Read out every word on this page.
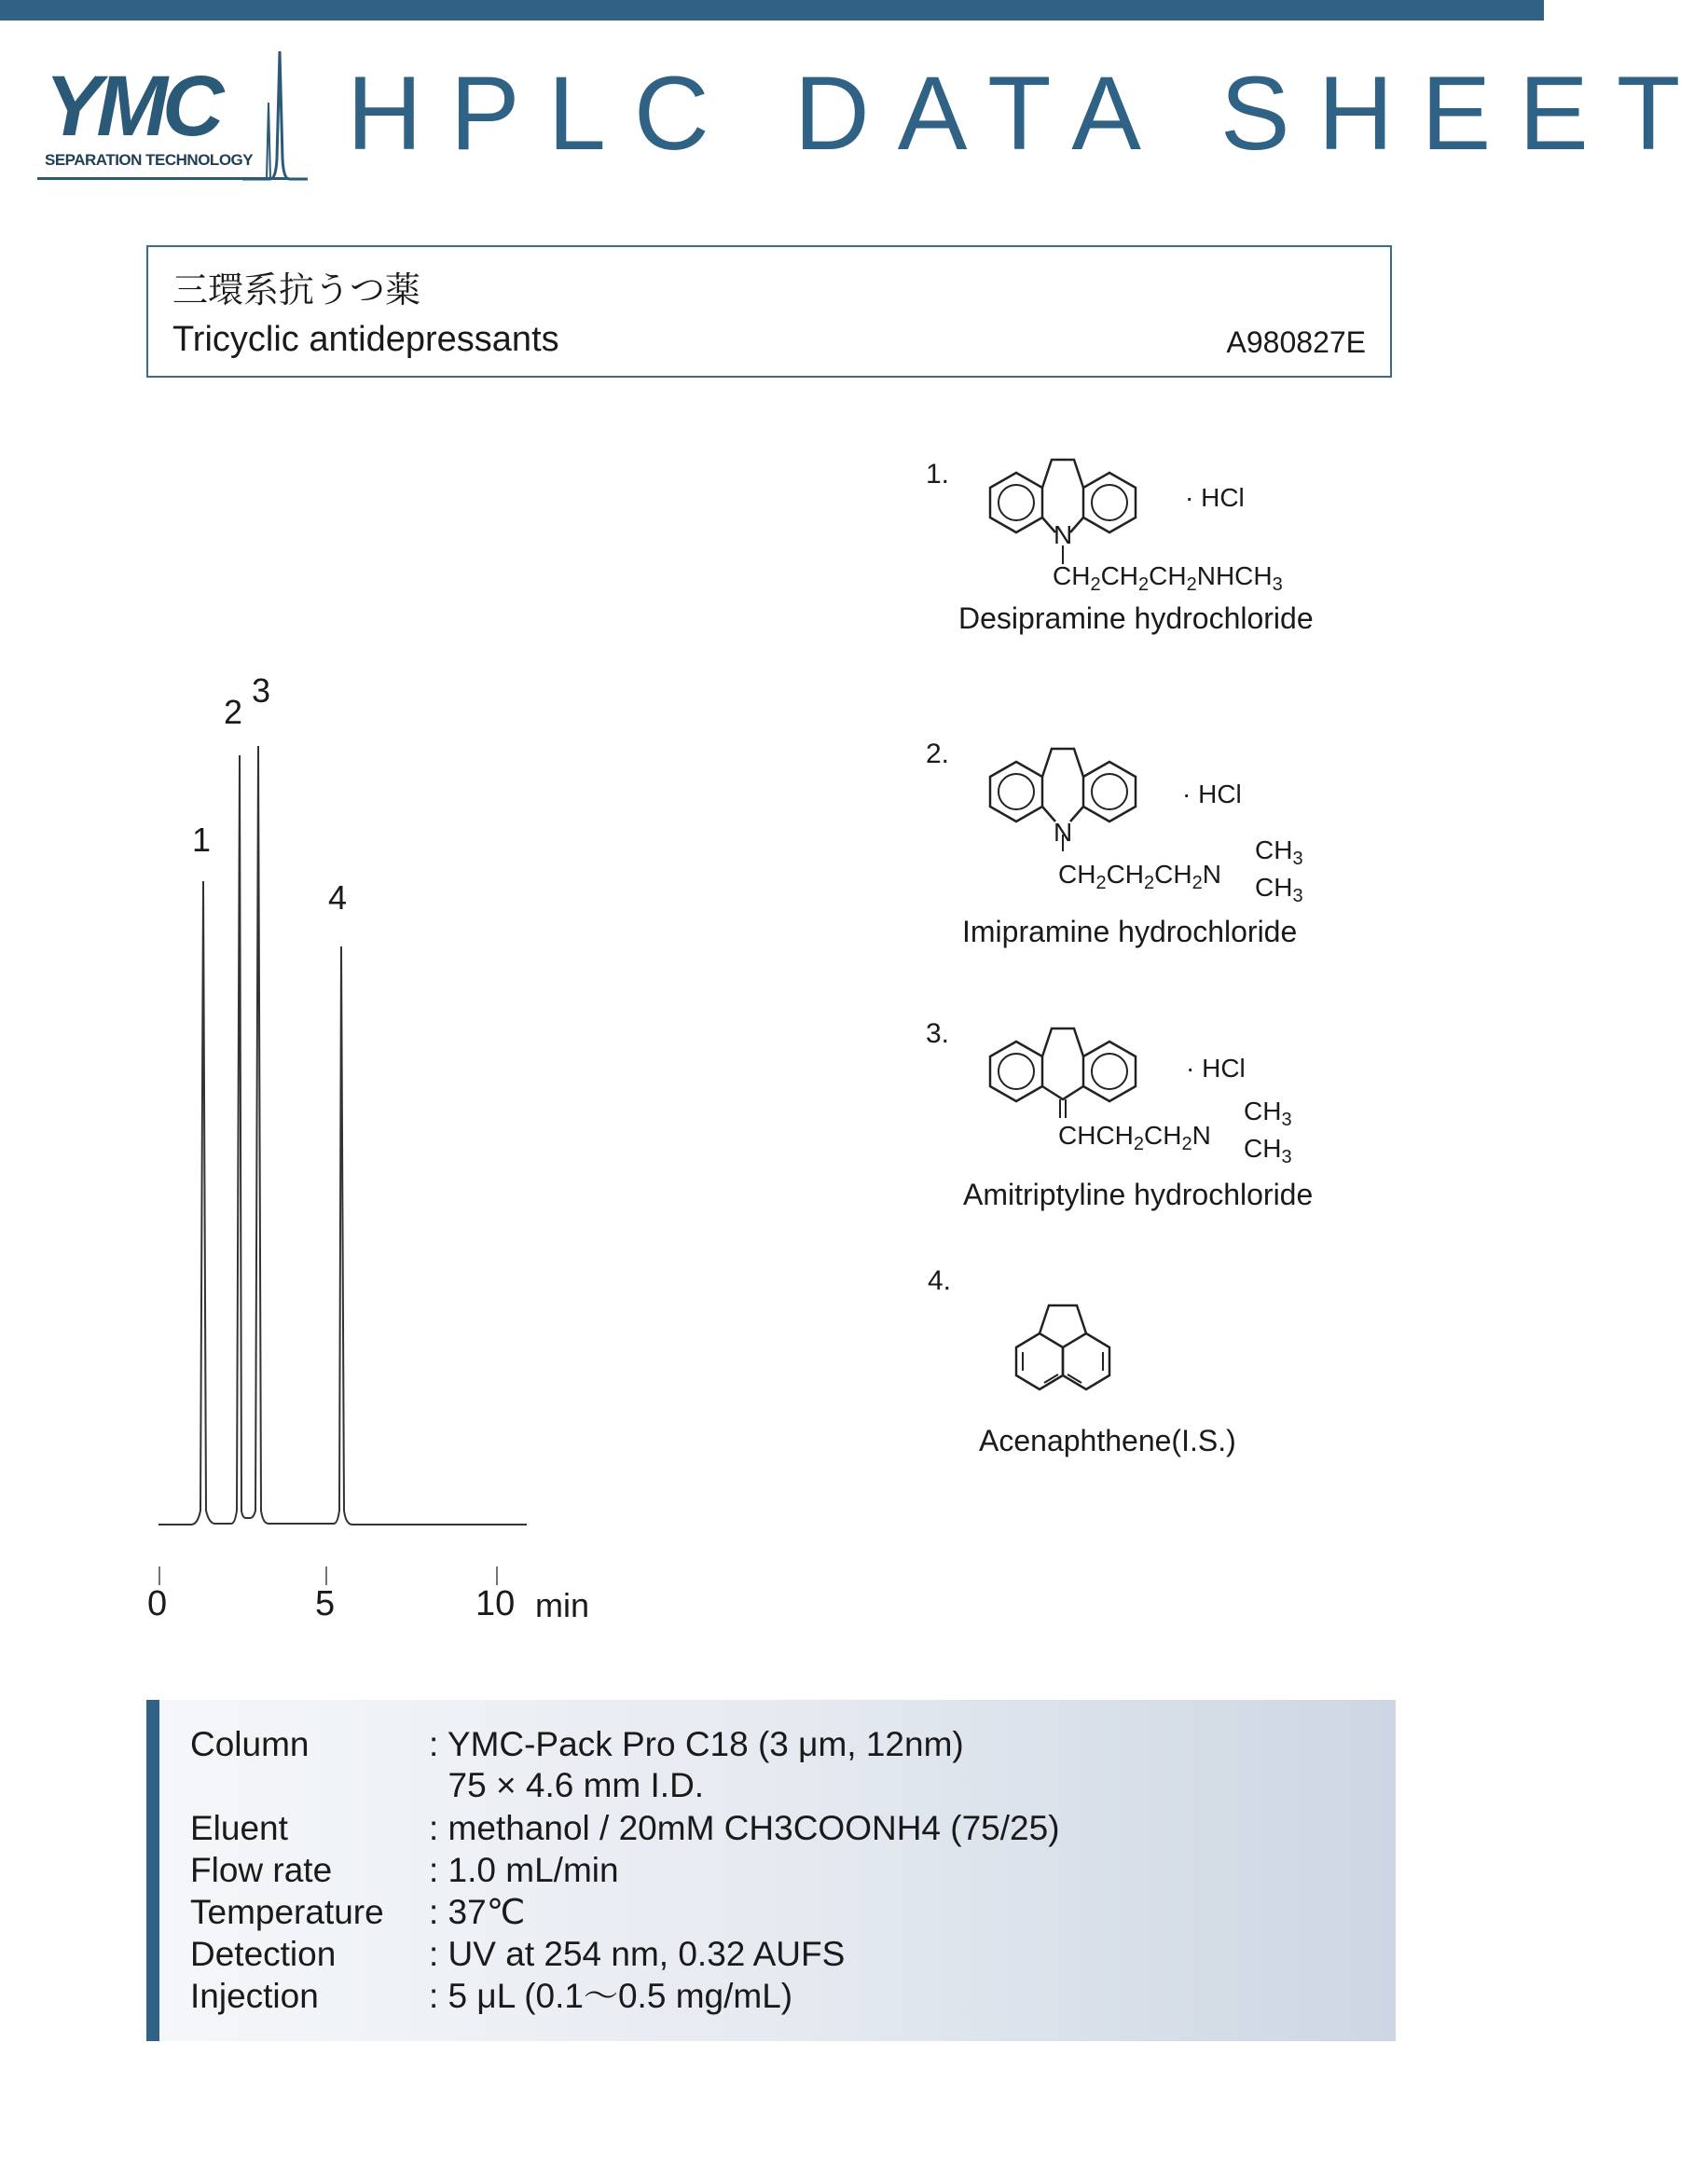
YMC
SEPARATION TECHNOLOGY HPLC DATA SHEET
三環系抗うつ薬
Tricyclic antidepressants	A980827E
1
2
3
4
0	5	10 min
1.
· HCl
N
$CH_2CH_2CH_2NHCH_3$
Desipramine hydrochloride
2.
· HCl
N
$CH_2CH_2CH_2N$
$CH_3$
$CH_3$
Imipramine hydrochloride
3.
· HCl
$CHCH_2CH_2N$
$CH_3$
$CH_3$
Amitriptyline hydrochloride
4.
Acenaphthene(I.S.)
Column	: YMC-Pack Pro C18 (3 μm, 12nm)
75 × 4.6 mm I.D.
Eluent	: methanol / 20mM CH3COONH4 (75/25)
Flow rate	: 1.0 mL/min
Temperature : 37℃
Detection	: UV at 254 nm, 0.32 AUFS
Injection	: 5 μL (0.1～0.5 mg/mL)
